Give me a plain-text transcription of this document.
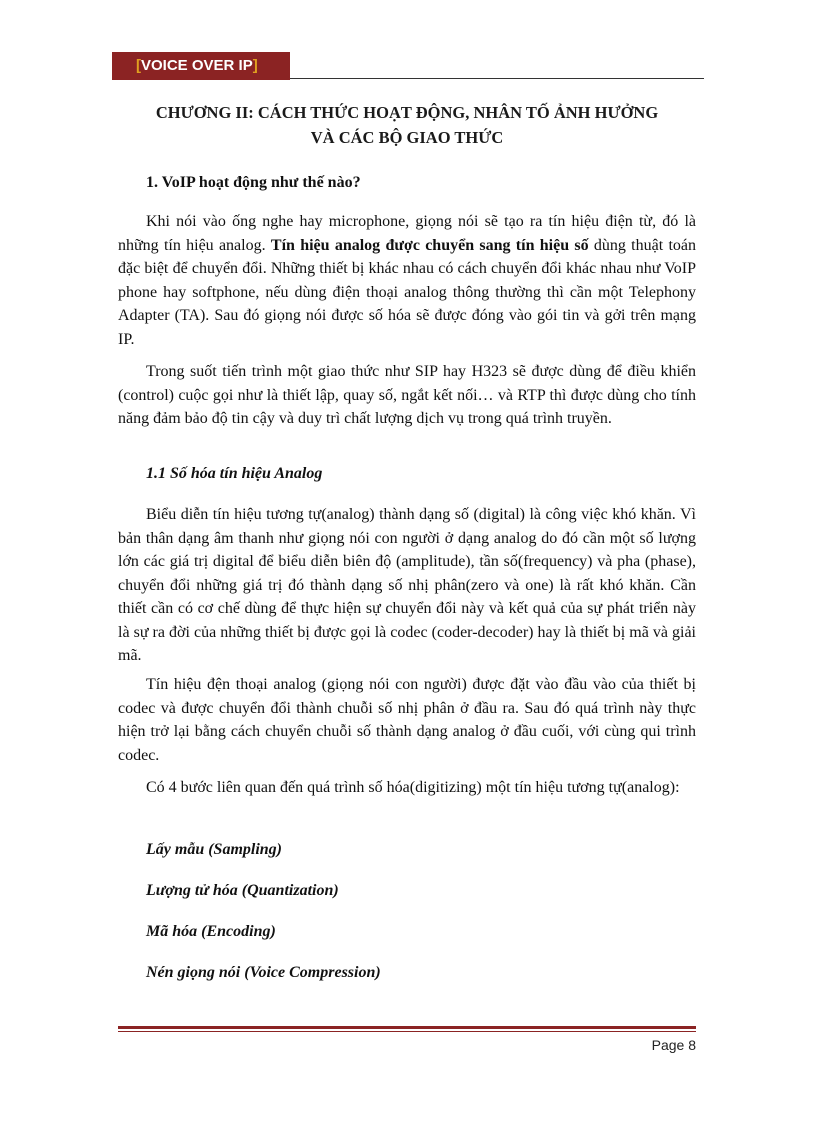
[VOICE OVER IP]

CHƯƠNG II: CÁCH THỨC HOẠT ĐỘNG, NHÂN TỐ ẢNH HƯỞNG
VÀ CÁC BỘ GIAO THỨC

1. VoIP hoạt động như thế nào?

Khi nói vào ống nghe hay microphone, giọng nói sẽ tạo ra tín hiệu điện từ, đó là những tín hiệu analog. Tín hiệu analog được chuyển sang tín hiệu số dùng thuật toán đặc biệt để chuyển đổi. Những thiết bị khác nhau có cách chuyển đổi khác nhau như VoIP phone hay softphone, nếu dùng điện thoại analog thông thường thì cần một Telephony Adapter (TA). Sau đó giọng nói được số hóa sẽ được đóng vào gói tin và gởi trên mạng IP.

Trong suốt tiến trình một giao thức như SIP hay H323 sẽ được dùng để điều khiển (control) cuộc gọi như là thiết lập, quay số, ngắt kết nối… và RTP thì được dùng cho tính năng đảm bảo độ tin cậy và duy trì chất lượng dịch vụ trong quá trình truyền.

1.1 Số hóa tín hiệu Analog

Biểu diễn tín hiệu tương tự(analog) thành dạng số (digital) là công việc khó khăn. Vì bản thân dạng âm thanh như giọng nói con người ở dạng analog do đó cần một số lượng lớn các giá trị digital để biểu diễn biên độ (amplitude), tần số(frequency) và pha (phase), chuyển đổi những giá trị đó thành dạng số nhị phân(zero và one) là rất khó khăn. Cần thiết cần có cơ chế dùng để thực hiện sự chuyển đổi này và kết quả của sự phát triển này là sự ra đời của những thiết bị được gọi là codec (coder-decoder) hay là thiết bị mã và giải mã.

Tín hiệu đện thoại analog (giọng nói con người) được đặt vào đầu vào của thiết bị codec và được chuyển đổi thành chuỗi số nhị phân ở đầu ra. Sau đó quá trình này thực hiện trở lại bằng cách chuyển chuỗi số thành dạng analog ở đầu cuối, với cùng qui trình codec.

Có 4 bước liên quan đến quá trình số hóa(digitizing) một tín hiệu tương tự(analog):

Lấy mẫu (Sampling)

Lượng tử hóa (Quantization)

Mã hóa (Encoding)

Nén giọng nói (Voice Compression)

Page 8
